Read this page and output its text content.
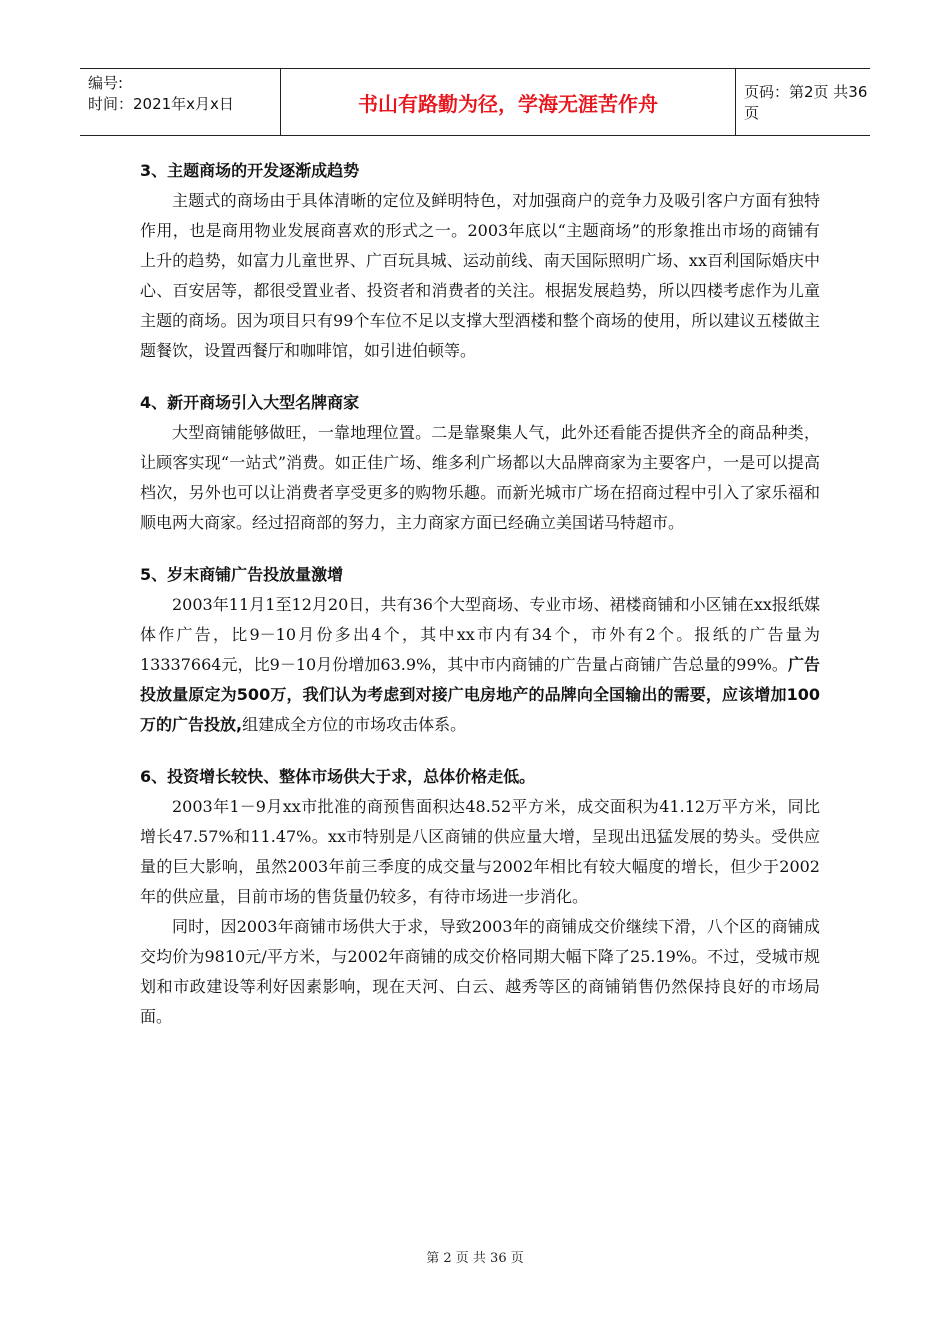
编号:
时间：2021年x月x日	书山有路勤为径，学海无涯苦作舟	页码：第2页 共36页

3、主题商场的开发逐渐成趋势

主题式的商场由于具体清晰的定位及鲜明特色，对加强商户的竞争力及吸引客户方面有独特作用，也是商用物业发展商喜欢的形式之一。2003年底以“主题商场”的形象推出市场的商铺有上升的趋势，如富力儿童世界、广百玩具城、运动前线、南天国际照明广场、xx百利国际婚庆中心、百安居等，都很受置业者、投资者和消费者的关注。根据发展趋势，所以四楼考虑作为儿童主题的商场。因为项目只有99个车位不足以支撑大型酒楼和整个商场的使用，所以建议五楼做主题餐饮，设置西餐厅和咖啡馆，如引进伯顿等。

4、新开商场引入大型名牌商家

大型商铺能够做旺，一靠地理位置。二是靠聚集人气，此外还看能否提供齐全的商品种类，让顾客实现“一站式”消费。如正佳广场、维多利广场都以大品牌商家为主要客户，一是可以提高档次，另外也可以让消费者享受更多的购物乐趣。而新光城市广场在招商过程中引入了家乐福和顺电两大商家。经过招商部的努力，主力商家方面已经确立美国诺马特超市。

5、岁末商铺广告投放量激增

2003年11月1至12月20日，共有36个大型商场、专业市场、裙楼商铺和小区铺在xx报纸媒体作广告，比9－10月份多出4个，其中xx市内有34个，市外有2个。报纸的广告量为13337664元，比9－10月份增加63.9%，其中市内商铺的广告量占商铺广告总量的99%。广告投放量原定为500万，我们认为考虑到对接广电房地产的品牌向全国输出的需要，应该增加100万的广告投放,组建成全方位的市场攻击体系。

6、投资增长较快、整体市场供大于求，总体价格走低。

2003年1－9月xx市批准的商预售面积达48.52平方米，成交面积为41.12万平方米，同比增长47.57%和11.47%。xx市特别是八区商铺的供应量大增，呈现出迅猛发展的势头。受供应量的巨大影响，虽然2003年前三季度的成交量与2002年相比有较大幅度的增长，但少于2002年的供应量，目前市场的售货量仍较多，有待市场进一步消化。

同时，因2003年商铺市场供大于求，导致2003年的商铺成交价继续下滑，八个区的商铺成交均价为9810元/平方米，与2002年商铺的成交价格同期大幅下降了25.19%。不过，受城市规划和市政建设等利好因素影响，现在天河、白云、越秀等区的商铺销售仍然保持良好的市场局面。

第 2 页 共 36 页
